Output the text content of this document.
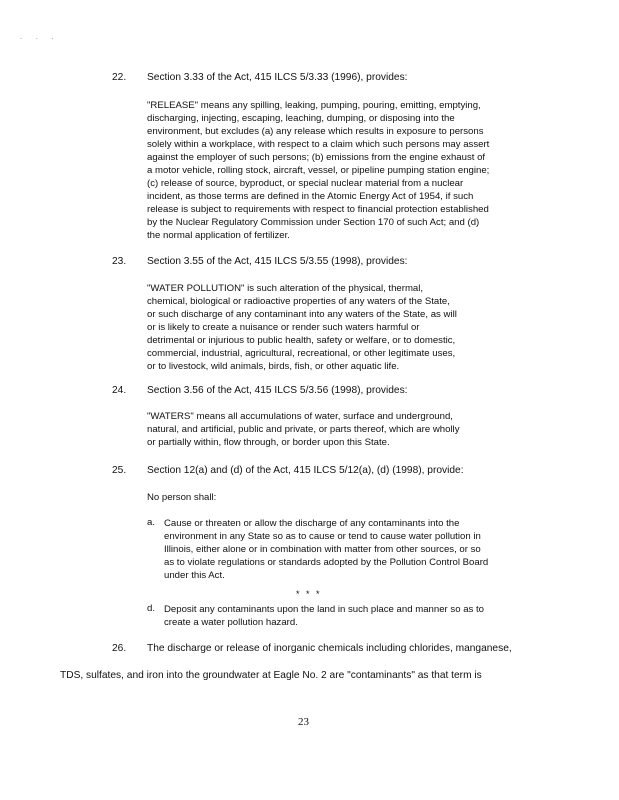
. . .
22. Section 3.33 of the Act, 415 ILCS 5/3.33 (1996), provides:
"RELEASE" means any spilling, leaking, pumping, pouring, emitting, emptying,
discharging, injecting, escaping, leaching, dumping, or disposing into the
environment, but excludes (a) any release which results in exposure to persons
solely within a workplace, with respect to a claim which such persons may assert
against the employer of such persons; (b) emissions from the engine exhaust of
a motor vehicle, rolling stock, aircraft, vessel, or pipeline pumping station engine;
(c) release of source, byproduct, or special nuclear material from a nuclear
incident, as those terms are defined in the Atomic Energy Act of 1954, if such
release is subject to requirements with respect to financial protection established
by the Nuclear Regulatory Commission under Section 170 of such Act; and (d)
the normal application of fertilizer.
23. Section 3.55 of the Act, 415 ILCS 5/3.55 (1998), provides:
"WATER POLLUTION" is such alteration of the physical, thermal,
chemical, biological or radioactive properties of any waters of the State,
or such discharge of any contaminant into any waters of the State, as will
or is likely to create a nuisance or render such waters harmful or
detrimental or injurious to public health, safety or welfare, or to domestic,
commercial, industrial, agricultural, recreational, or other legitimate uses,
or to livestock, wild animals, birds, fish, or other aquatic life.
24. Section 3.56 of the Act, 415 ILCS 5/3.56 (1998), provides:
"WATERS" means all accumulations of water, surface and underground,
natural, and artificial, public and private, or parts thereof, which are wholly
or partially within, flow through, or border upon this State.
25. Section 12(a) and (d) of the Act, 415 ILCS 5/12(a), (d) (1998), provide:
No person shall:
a. Cause or threaten or allow the discharge of any contaminants into the
environment in any State so as to cause or tend to cause water pollution in
Illinois, either alone or in combination with matter from other sources, or so
as to violate regulations or standards adopted by the Pollution Control Board
under this Act.
* * *
d. Deposit any contaminants upon the land in such place and manner so as to
create a water pollution hazard.
26. The discharge or release of inorganic chemicals including chlorides, manganese,
TDS, sulfates, and iron into the groundwater at Eagle No. 2 are "contaminants" as that term is
23
